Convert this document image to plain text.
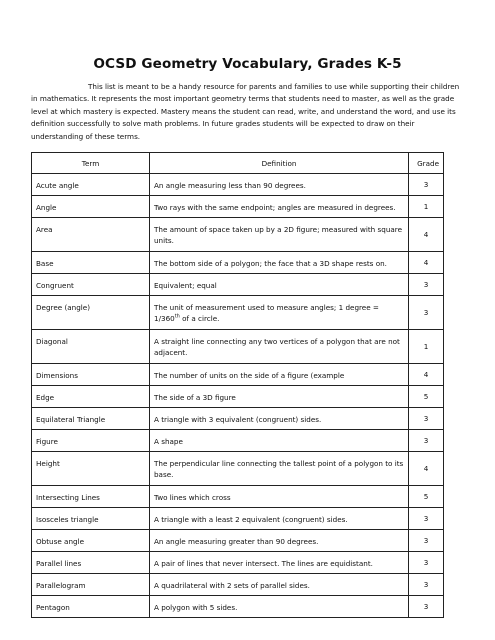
OCSD Geometry Vocabulary, Grades K-5

This list is meant to be a handy resource for parents and families to use while supporting their children in mathematics. It represents the most important geometry terms that students need to master, as well as the grade level at which mastery is expected. Mastery means the student can read, write, and understand the word, and use its definition successfully to solve math problems. In future grades students will be expected to draw on their understanding of these terms.

Term	Definition	Grade
Acute angle	An angle measuring less than 90 degrees.	3
Angle	Two rays with the same endpoint; angles are measured in degrees.	1
Area	The amount of space taken up by a 2D figure; measured with square units.	4
Base	The bottom side of a polygon; the face that a 3D shape rests on.	4
Congruent	Equivalent; equal	3
Degree (angle)	The unit of measurement used to measure angles; 1 degree = 1/360th of a circle.	3
Diagonal	A straight line connecting any two vertices of a polygon that are not adjacent.	1
Dimensions	The number of units on the side of a figure (example	4
Edge	The side of a 3D figure	5
Equilateral Triangle	A triangle with 3 equivalent (congruent) sides.	3
Figure	A shape	3
Height	The perpendicular line connecting the tallest point of a polygon to its base.	4
Intersecting Lines	Two lines which cross	5
Isosceles triangle	A triangle with a least 2 equivalent (congruent) sides.	3
Obtuse angle	An angle measuring greater than 90 degrees.	3
Parallel lines	A pair of lines that never intersect. The lines are equidistant.	3
Parallelogram	A quadrilateral with 2 sets of parallel sides.	3
Pentagon	A polygon with 5 sides.	3
